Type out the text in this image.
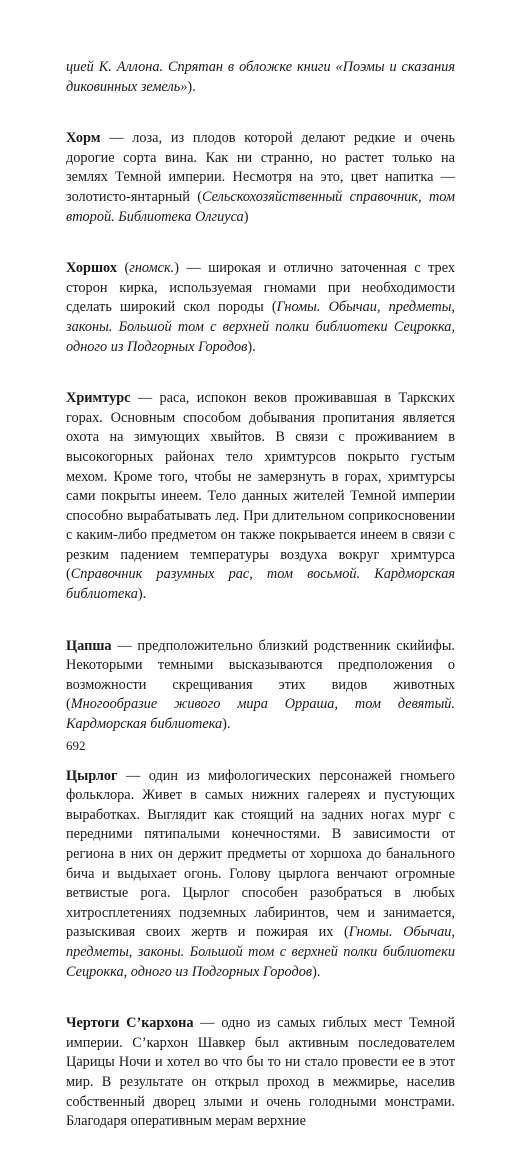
цией К. Аллона. Спрятан в обложке книги «Поэмы и сказания диковинных земель»).

Хорм — лоза, из плодов которой делают редкие и очень дорогие сорта вина. Как ни странно, но растет только на землях Темной империи. Несмотря на это, цвет напитка — золотисто-янтарный (Сельскохозяйственный справочник, том второй. Библиотека Олгиуса)

Хоршох (гномск.) — широкая и отлично заточенная с трех сторон кирка, используемая гномами при необходимости сделать широкий скол породы (Гномы. Обычаи, предметы, законы. Большой том с верхней полки библиотеки Сецрокка, одного из Подгорных Городов).

Хримтурс — раса, испокон веков проживавшая в Таркских горах. Основным способом добывания пропитания является охота на зимующих хвыйтов. В связи с проживанием в высокогорных районах тело хримтурсов покрыто густым мехом. Кроме того, чтобы не замерзнуть в горах, хримтурсы сами покрыты инеем. Тело данных жителей Темной империи способно вырабатывать лед. При длительном соприкосновении с каким-либо предметом он также покрывается инеем в связи с резким падением температуры воздуха вокруг хримтурса (Справочник разумных рас, том восьмой. Кардморская библиотека).

Цапша — предположительно близкий родственник скийифы. Некоторыми темными высказываются предположения о возможности скрещивания этих видов животных (Многообразие живого мира Орраша, том девятый. Кардморская библиотека).

Цырлог — один из мифологических персонажей гномьего фольклора. Живет в самых нижних галереях и пустующих выработках. Выглядит как стоящий на задних ногах мург с передними пятипалыми конечностями. В зависимости от региона в них он держит предметы от хоршоха до банального бича и выдыхает огонь. Голову цырлога венчают огромные ветвистые рога. Цырлог способен разобраться в любых хитросплетениях подземных лабиринтов, чем и занимается, разыскивая своих жертв и пожирая их (Гномы. Обычаи, предметы, законы. Большой том с верхней полки библиотеки Сецрокка, одного из Подгорных Городов).

Чертоги С’кархона — одно из самых гиблых мест Темной империи. С’кархон Шавкер был активным последователем Царицы Ночи и хотел во что бы то ни стало провести ее в этот мир. В результате он открыл проход в межмирье, населив собственный дворец злыми и очень голодными монстрами. Благодаря оперативным мерам верхние

692
